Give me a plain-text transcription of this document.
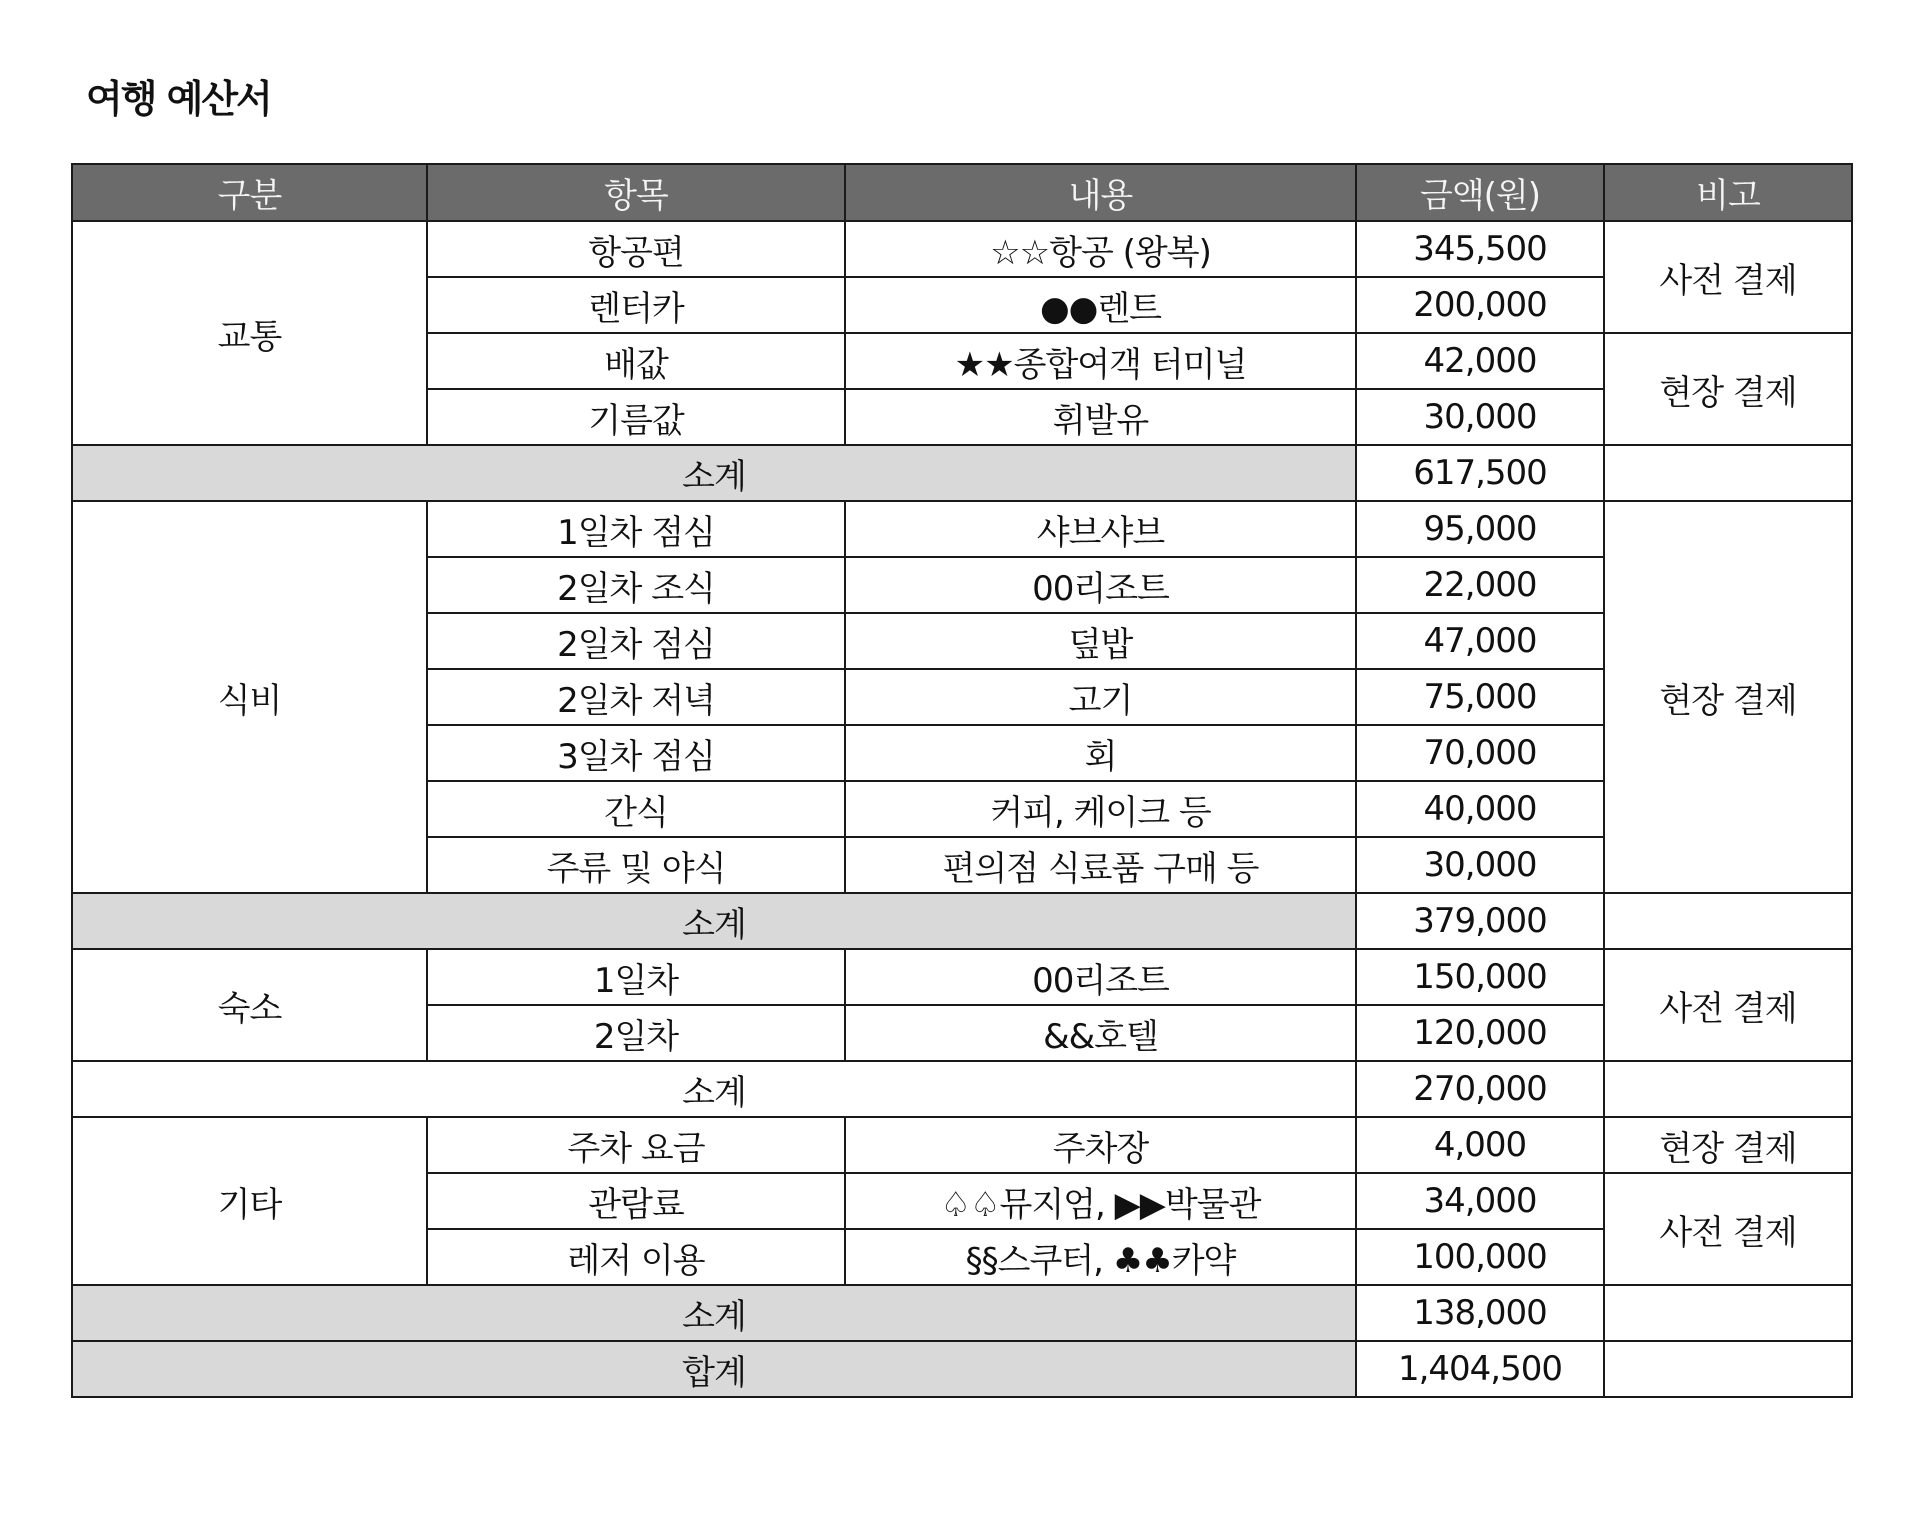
여행 예산서
구분	항목	내용	금액(원)	비고
교통	항공편	☆☆항공 (왕복)	345,500	사전 결제
	렌터카	●●렌트	200,000	
	배값	★★종합여객 터미널	42,000	현장 결제
	기름값	휘발유	30,000	
소계			617,500	
식비	1일차 점심	샤브샤브	95,000	현장 결제
	2일차 조식	00리조트	22,000	
	2일차 점심	덮밥	47,000	
	2일차 저녁	고기	75,000	
	3일차 점심	회	70,000	
	간식	커피, 케이크 등	40,000	
	주류 및 야식	편의점 식료품 구매 등	30,000	
소계			379,000	
숙소	1일차	00리조트	150,000	사전 결제
	2일차	&&호텔	120,000	
소계			270,000	
기타	주차 요금	주차장	4,000	현장 결제
	관람료	♤♤뮤지엄, ▶▶박물관	34,000	사전 결제
	레저 이용	§§스쿠터, ♣♣카약	100,000	
소계			138,000	
합계			1,404,500	
